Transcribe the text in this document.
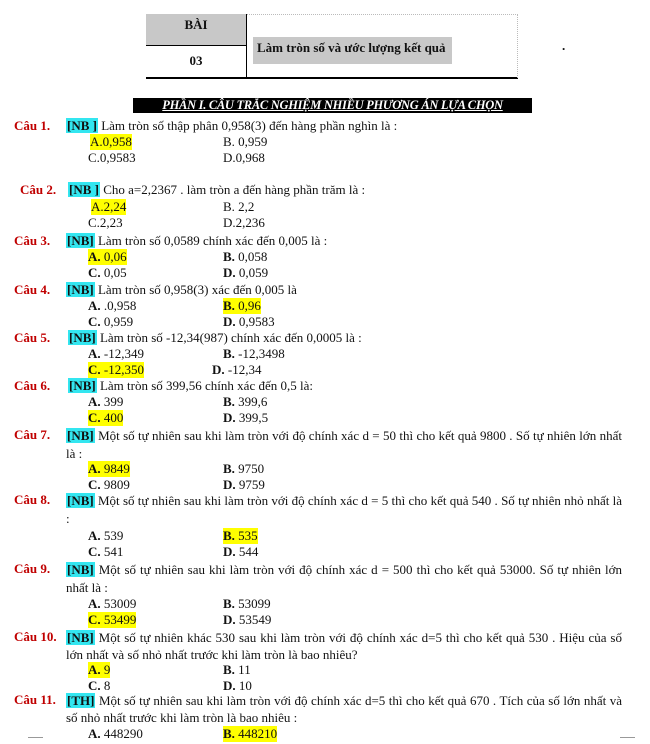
BÀI
03
Làm tròn số và ước lượng kết quả	.
PHẦN I. CÂU TRẮC NGHIỆM NHIỀU PHƯƠNG ÁN LỰA CHỌN
Câu 1. [NB ] Làm tròn số thập phân 0,958(3) đến hàng phần nghìn là :
A.0,958	B. 0,959
C.0,9583	D.0,968
Câu 2. [NB ] Cho a=2,2367 . làm tròn a đến hàng phần trăm là :
A.2,24	B. 2,2
C.2,23	D.2,236
Câu 3. [NB] Làm tròn số 0,0589 chính xác đến 0,005 là :
A. 0,06	B. 0,058
C. 0,05	D. 0,059
Câu 4. [NB] Làm tròn số 0,958(3) xác đến 0,005 là
A. .0,958	B. 0,96
C. 0,959	D. 0,9583
Câu 5. [NB] Làm tròn số -12,34(987) chính xác đến 0,0005 là :
A. -12,349	B. -12,3498
C. -12,350	D. -12,34
Câu 6. [NB] Làm tròn số 399,56 chính xác đến 0,5 là:
A. 399	B. 399,6
C. 400	D. 399,5
Câu 7. [NB] Một số tự nhiên sau khi làm tròn với độ chính xác d = 50 thì cho kết quả 9800 . Số tự nhiên lớn nhất là :
A. 9849	B. 9750
C. 9809	D. 9759
Câu 8. [NB] Một số tự nhiên sau khi làm tròn với độ chính xác d = 5 thì cho kết quả 540 . Số tự nhiên nhỏ nhất là :
A. 539	B. 535
C. 541	D. 544
Câu 9. [NB] Một số tự nhiên sau khi làm tròn với độ chính xác d = 500 thì cho kết quả 53000. Số tự nhiên lớn nhất là :
A. 53009	B. 53099
C. 53499	D. 53549
Câu 10. [NB] Một số tự nhiên khác 530 sau khi làm tròn với độ chính xác d=5 thì cho kết quả 530 . Hiệu của số lớn nhất và số nhỏ nhất trước khi làm tròn là bao nhiêu?
A. 9	B. 11
C. 8	D. 10
Câu 11. [TH] Một số tự nhiên sau khi làm tròn với độ chính xác d=5 thì cho kết quả 670 . Tích của số lớn nhất và số nhỏ nhất trước khi làm tròn là bao nhiêu :
A. 448290	B. 448210
